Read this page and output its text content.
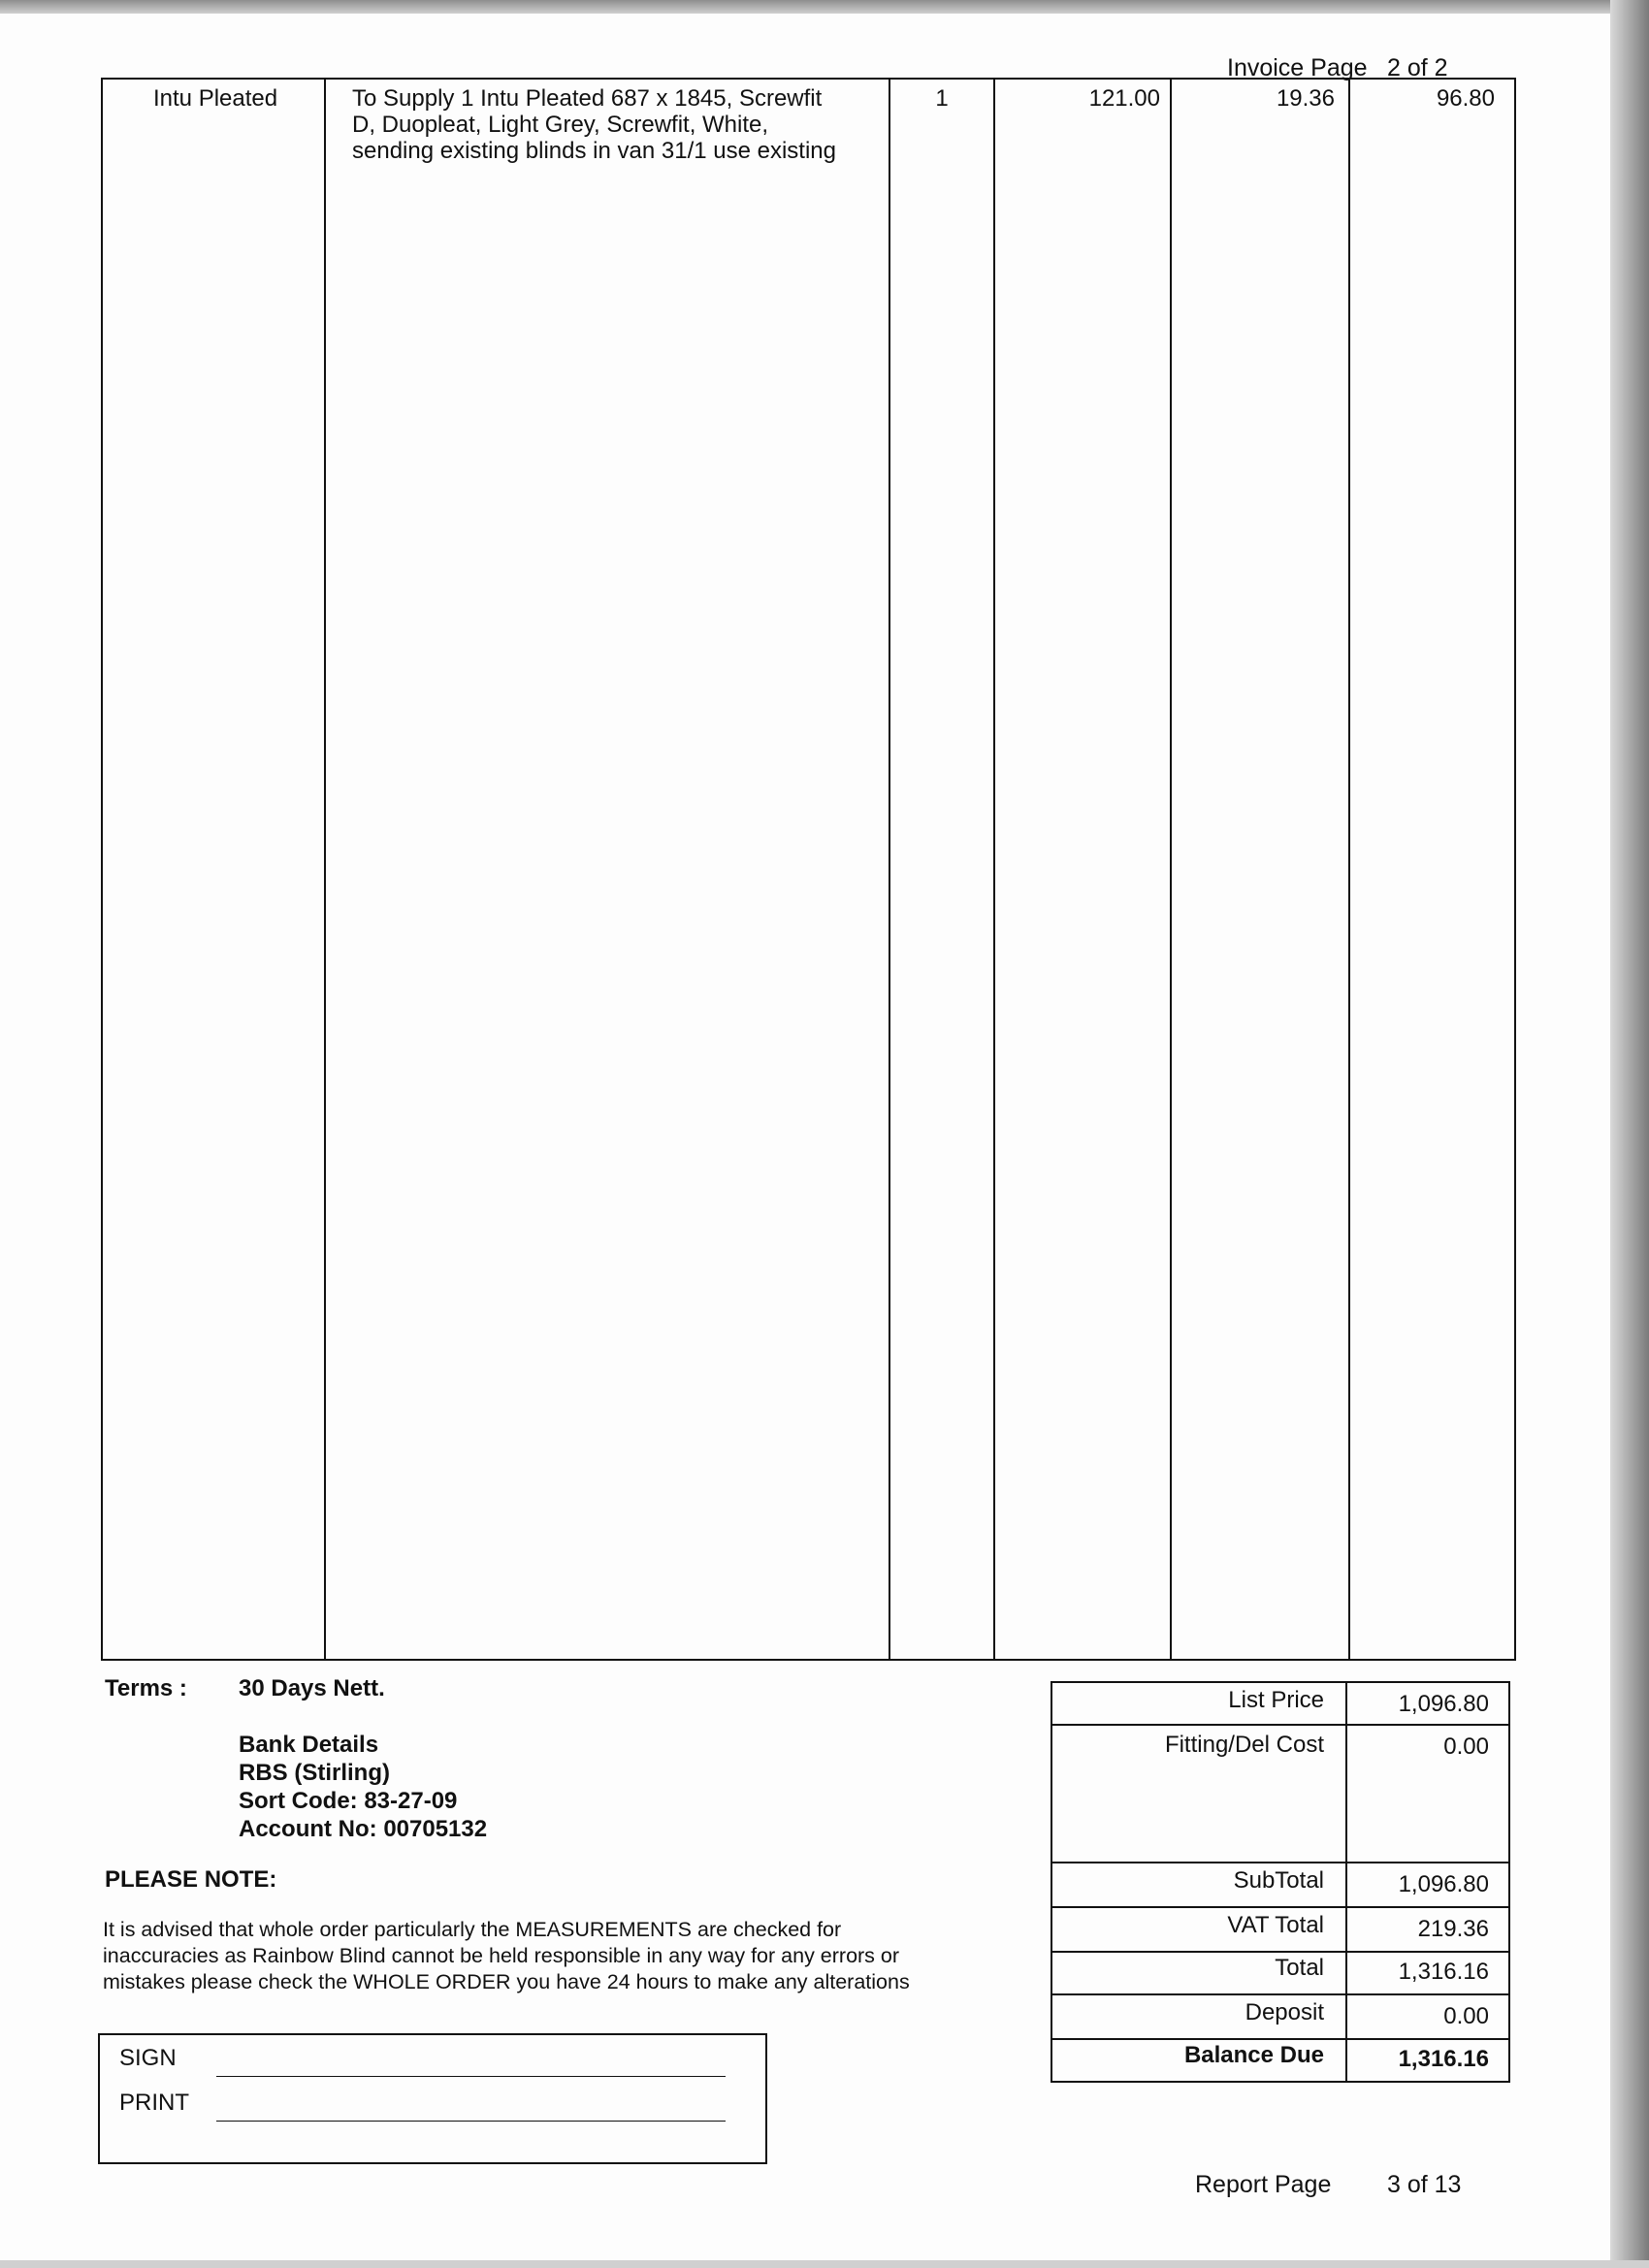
Invoice Page 2 of 2
Intu Pleated	To Supply 1 Intu Pleated 687 x 1845, Screwfit
D, Duopleat, Light Grey, Screwfit, White,
sending existing blinds in van 31/1 use existing
1	121.00	19.36	96.80
Terms : 30 Days Nett.
Bank Details
RBS (Stirling)
Sort Code: 83-27-09
Account No: 00705132
PLEASE NOTE:
It is advised that whole order particularly the MEASUREMENTS are checked for
inaccuracies as Rainbow Blind cannot be held responsible in any way for any errors or
mistakes please check the WHOLE ORDER you have 24 hours to make any alterations
SIGN
PRINT
List Price	1,096.80
Fitting/Del Cost	0.00
SubTotal	1,096.80
VAT Total	219.36
Total	1,316.16
Deposit	0.00
Balance Due	1,316.16
Report Page 3 of 13
